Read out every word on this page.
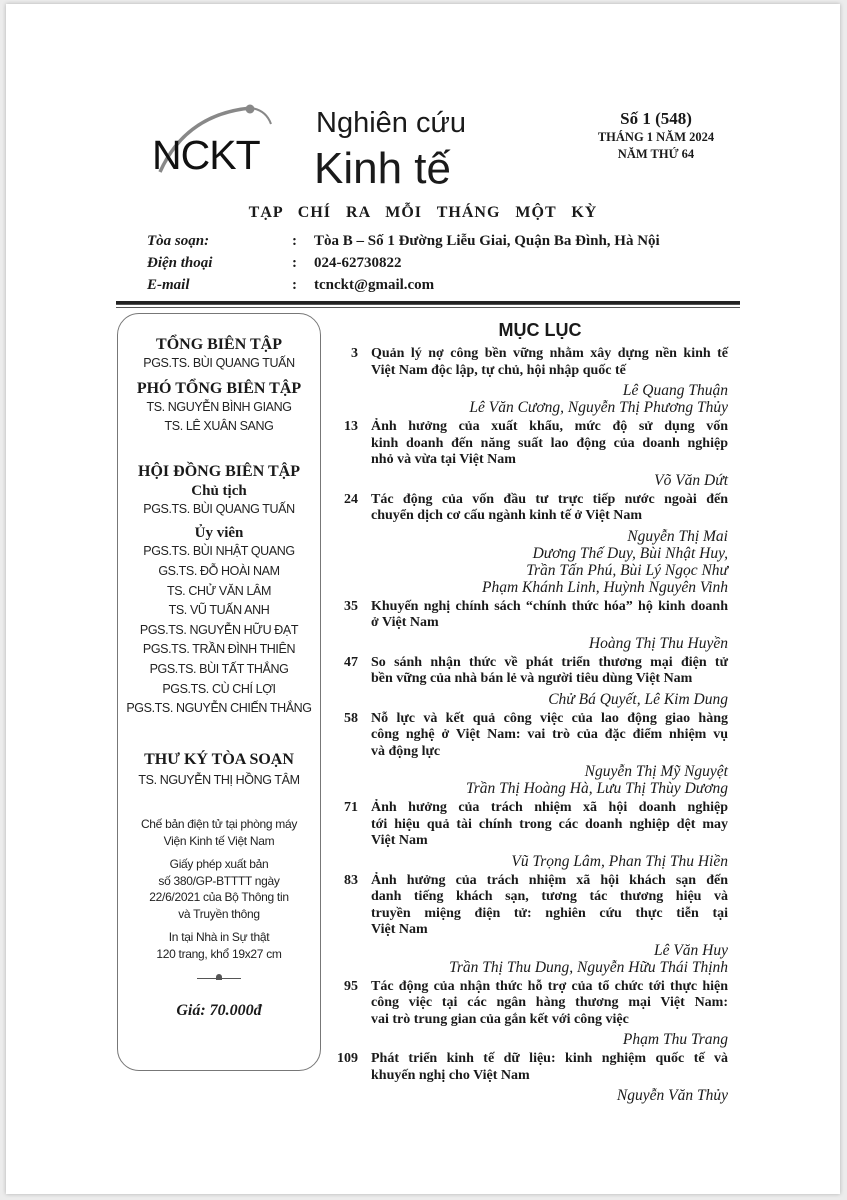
NCKT
Nghiên cứu
Kinh tế
Số 1 (548)
THÁNG 1 NĂM 2024
NĂM THỨ 64
TẠP CHÍ RA MỖI THÁNG MỘT KỲ
Tòa soạn:	: Tòa B – Số 1 Đường Liễu Giai, Quận Ba Đình, Hà Nội
Điện thoại	: 024-62730822
E-mail	: tcnckt@gmail.com
TỔNG BIÊN TẬP
PGS.TS. BÙI QUANG TUẤN
PHÓ TỔNG BIÊN TẬP
TS. NGUYỄN BÌNH GIANG
TS. LÊ XUÂN SANG
HỘI ĐỒNG BIÊN TẬP
Chủ tịch
PGS.TS. BÙI QUANG TUẤN
Ủy viên
PGS.TS. BÙI NHẬT QUANG
GS.TS. ĐỖ HOÀI NAM
TS. CHỬ VĂN LÂM
TS. VŨ TUẤN ANH
PGS.TS. NGUYỄN HỮU ĐẠT
PGS.TS. TRẦN ĐÌNH THIÊN
PGS.TS. BÙI TẤT THẮNG
PGS.TS. CÙ CHÍ LỢI
PGS.TS. NGUYỄN CHIẾN THẮNG
THƯ KÝ TÒA SOẠN
TS. NGUYỄN THỊ HỒNG TÂM
Chế bản điện tử tại phòng máy
Viện Kinh tế Việt Nam
Giấy phép xuất bản
số 380/GP-BTTTT ngày
22/6/2021 của Bộ Thông tin
và Truyền thông
In tại Nhà in Sự thật
120 trang, khổ 19x27 cm
Giá: 70.000đ
MỤC LỤC
3 Quản lý nợ công bền vững nhằm xây dựng nền kinh tế
Việt Nam độc lập, tự chủ, hội nhập quốc tế
Lê Quang Thuận
Lê Văn Cương, Nguyễn Thị Phương Thủy
13 Ảnh hưởng của xuất khẩu, mức độ sử dụng vốn
kinh doanh đến năng suất lao động của doanh nghiệp
nhỏ và vừa tại Việt Nam
Võ Văn Dứt
24 Tác động của vốn đầu tư trực tiếp nước ngoài đến
chuyển dịch cơ cấu ngành kinh tế ở Việt Nam
Nguyễn Thị Mai
Dương Thế Duy, Bùi Nhật Huy,
Trần Tấn Phú, Bùi Lý Ngọc Như
Phạm Khánh Linh, Huỳnh Nguyên Vinh
35 Khuyến nghị chính sách “chính thức hóa” hộ kinh doanh
ở Việt Nam
Hoàng Thị Thu Huyền
47 So sánh nhận thức về phát triển thương mại điện tử
bền vững của nhà bán lẻ và người tiêu dùng Việt Nam
Chử Bá Quyết, Lê Kim Dung
58 Nỗ lực và kết quả công việc của lao động giao hàng
công nghệ ở Việt Nam: vai trò của đặc điểm nhiệm vụ
và động lực
Nguyễn Thị Mỹ Nguyệt
Trần Thị Hoàng Hà, Lưu Thị Thùy Dương
71 Ảnh hưởng của trách nhiệm xã hội doanh nghiệp
tới hiệu quả tài chính trong các doanh nghiệp dệt may
Việt Nam
Vũ Trọng Lâm, Phan Thị Thu Hiền
83 Ảnh hưởng của trách nhiệm xã hội khách sạn đến
danh tiếng khách sạn, tương tác thương hiệu và
truyền miệng điện tử: nghiên cứu thực tiễn tại
Việt Nam
Lê Văn Huy
Trần Thị Thu Dung, Nguyễn Hữu Thái Thịnh
95 Tác động của nhận thức hỗ trợ của tổ chức tới thực hiện
công việc tại các ngân hàng thương mại Việt Nam:
vai trò trung gian của gắn kết với công việc
Phạm Thu Trang
109 Phát triển kinh tế dữ liệu: kinh nghiệm quốc tế và
khuyến nghị cho Việt Nam
Nguyễn Văn Thủy
